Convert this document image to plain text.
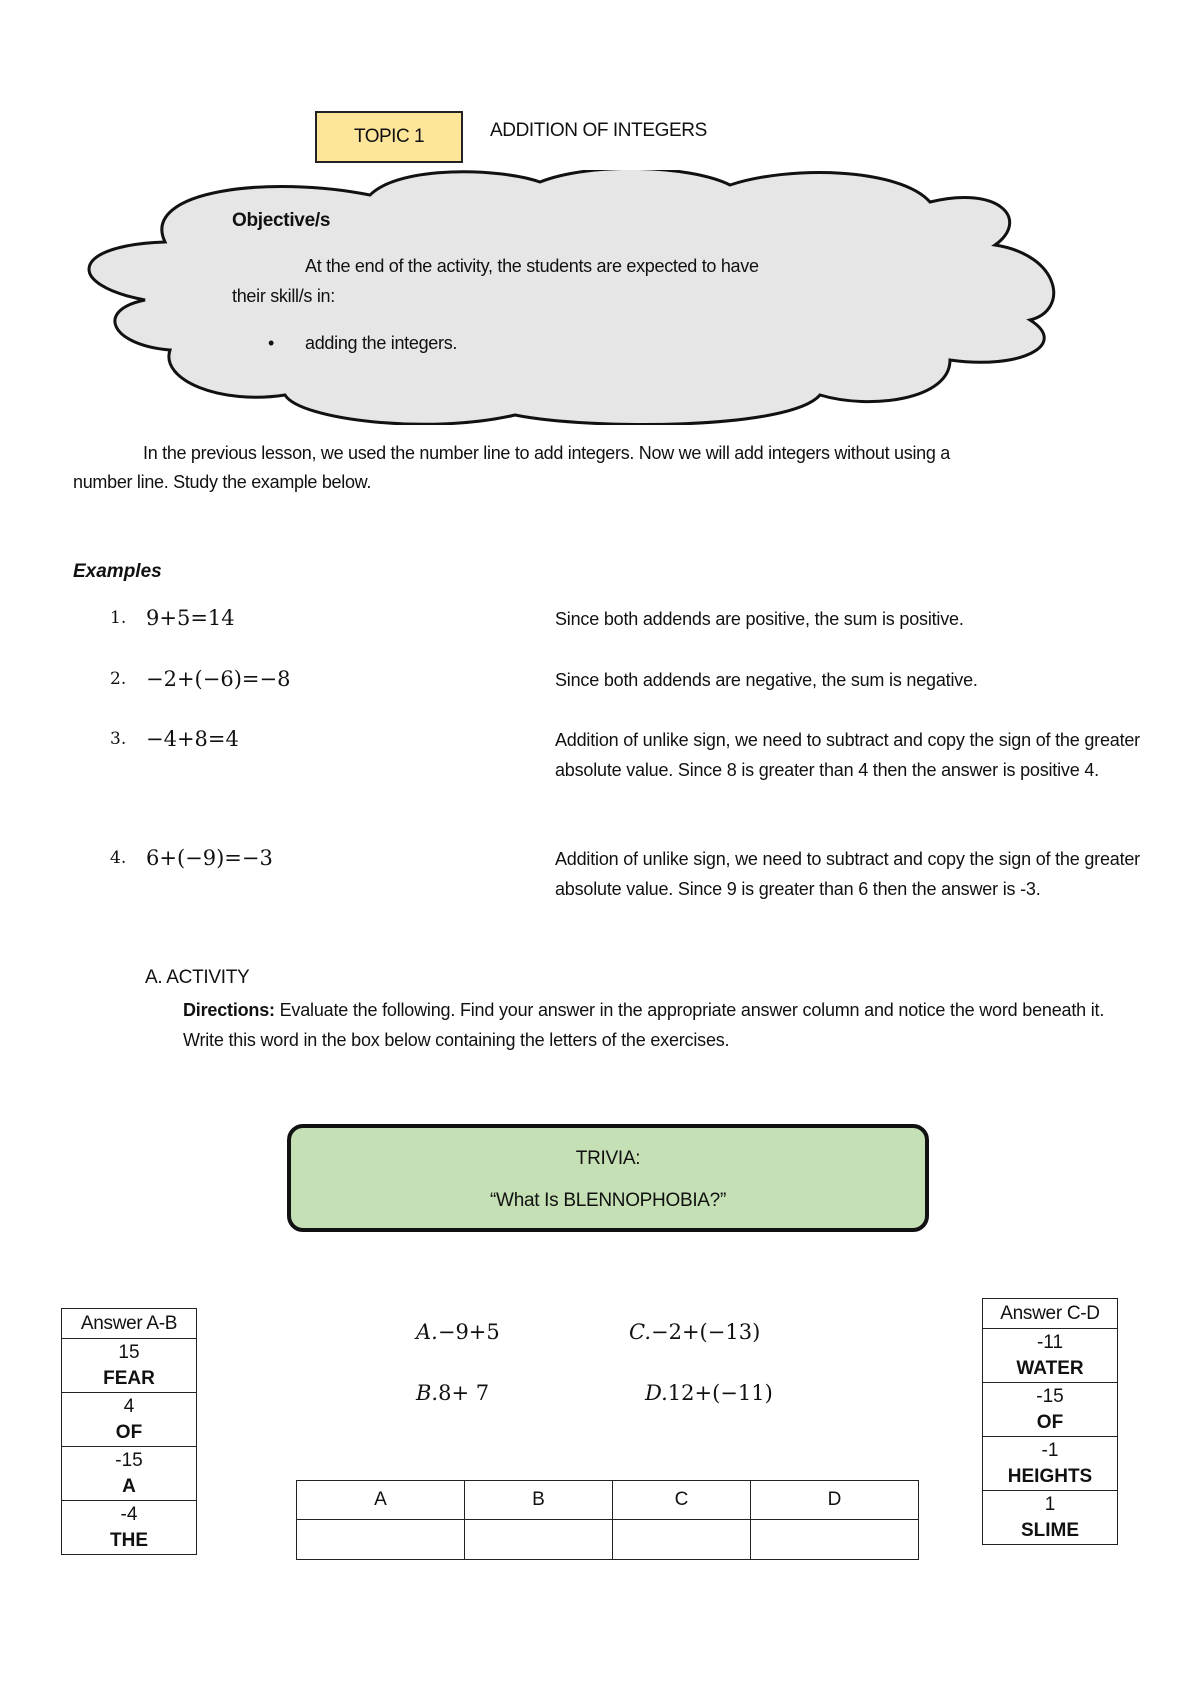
TOPIC 1	ADDITION OF INTEGERS
Objective/s
At the end of the activity, the students are expected to have
their skill/s in:
• adding the integers.
In the previous lesson, we used the number line to add integers. Now we will add integers without using a
number line. Study the example below.
Examples
1. 9+5=14	Since both addends are positive, the sum is positive.
2. −2+(−6)=−8	Since both addends are negative, the sum is negative.
3. −4+8=4	Addition of unlike sign, we need to subtract and copy the sign of the greater absolute value. Since 8 is greater than 4 then the answer is positive 4.
4. 6+(−9)=−3	Addition of unlike sign, we need to subtract and copy the sign of the greater absolute value. Since 9 is greater than 6 then the answer is -3.
A. ACTIVITY
Directions: Evaluate the following. Find your answer in the appropriate answer column and notice the word beneath it. Write this word in the box below containing the letters of the exercises.
TRIVIA:
“What Is BLENNOPHOBIA?”
Answer A-B

15
FEAR

4
OF

-15
A

-4
THE
A.−9+5
B.8+ 7
C.−2+(−13)
D.12+(−11)
A	B	C	D

Answer C-D

-11
WATER

-15
OF

-1
HEIGHTS

1
SLIME
